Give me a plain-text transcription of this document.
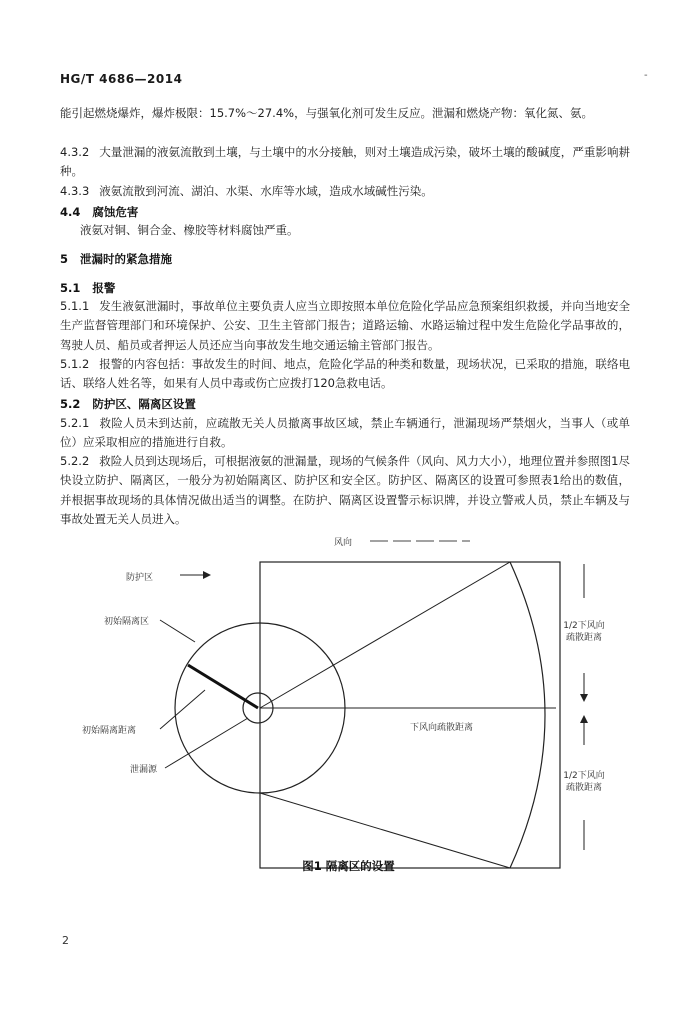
HG/T 4686—2014	-
能引起燃烧爆炸，爆炸极限：15.7%～27.4%，与强氧化剂可发生反应。泄漏和燃烧产物：氧化氮、氨。
4.3.2 大量泄漏的液氨流散到土壤，与土壤中的水分接触，则对土壤造成污染，破坏土壤的酸碱度，严重影响耕种。
4.3.3 液氨流散到河流、湖泊、水渠、水库等水域，造成水域碱性污染。
4.4 腐蚀危害
液氨对铜、铜合金、橡胶等材料腐蚀严重。
5 泄漏时的紧急措施
5.1 报警
5.1.1 发生液氨泄漏时，事故单位主要负责人应当立即按照本单位危险化学品应急预案组织救援，并向当地安全生产监督管理部门和环境保护、公安、卫生主管部门报告；道路运输、水路运输过程中发生危险化学品事故的，驾驶人员、船员或者押运人员还应当向事故发生地交通运输主管部门报告。
5.1.2 报警的内容包括：事故发生的时间、地点，危险化学品的种类和数量，现场状况，已采取的措施，联络电话、联络人姓名等，如果有人员中毒或伤亡应拨打120急救电话。
5.2 防护区、隔离区设置
5.2.1 救险人员未到达前，应疏散无关人员撤离事故区域，禁止车辆通行，泄漏现场严禁烟火，当事人（或单位）应采取相应的措施进行自救。
5.2.2 救险人员到达现场后，可根据液氨的泄漏量，现场的气候条件（风向、风力大小），地理位置并参照图1尽快设立防护、隔离区，一般分为初始隔离区、防护区和安全区。防护区、隔离区的设置可参照表1给出的数值，并根据事故现场的具体情况做出适当的调整。在防护、隔离区设置警示标识牌，并设立警戒人员，禁止车辆及与事故处置无关人员进入。
风向
防护区
初始隔离区
初始隔离距离
泄漏源
下风向疏散距离
1/2下风向疏散距离
1/2下风向疏散距离
图1 隔离区的设置
2
